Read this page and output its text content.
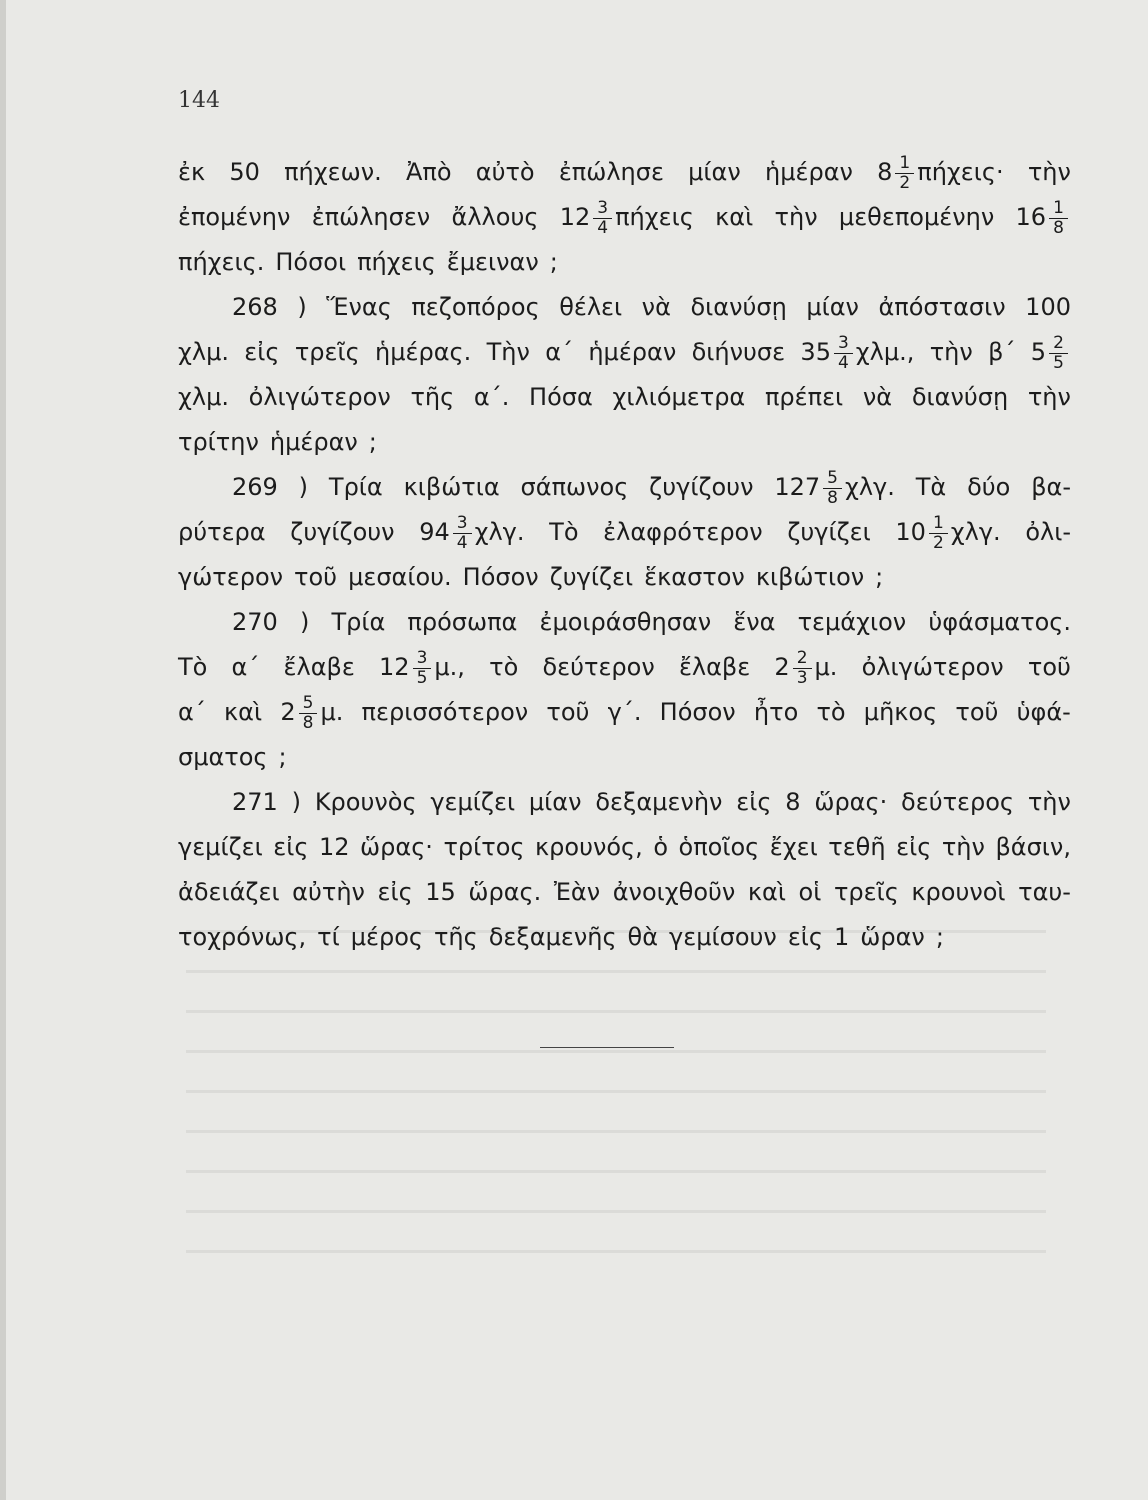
144
ἐκ 50 πήχεων. Ἀπὸ αὐτὸ ἐπώλησε μίαν ἡμέραν $8 \frac{1}{2} \pi ή\chi\varepsilon\iota\varsigma\cdot$ τὴν
ἐπομένην ἐπώλησεν ἄλλους $12 \frac{3}{4}$ πήχεις καὶ τὴν μεθεπομένην $16 \frac{1}{8}$
πήχεις. Πόσοι πήχεις ἔμειναν ;
268 ) Ἕνας πεζοπόρος θέλει νὰ διανύσῃ μίαν ἀπόστασιν 100
χλμ. εἰς τρεῖς ἡμέρας. Τὴν α΄ ἡμέραν διήνυσε $35 \frac{3}{4} \chi\lambda\mu$., τὴν β΄ $5 \frac{2}{5}$
χλμ. ὀλιγώτερον τῆς α΄. Πόσα χιλιόμετρα πρέπει νὰ διανύσῃ τὴν
τρίτην ἡμέραν ;
269 ) Τρία κιβώτια σάπωνος ζυγίζουν $127 \frac{5}{8} \chi\lambda\gamma$. Τὰ δύο βα-
ρύτερα ζυγίζουν $94 \frac{3}{4} \chi\lambda\gamma$. Τὸ ἐλαφρότερον ζυγίζει $10 \frac{1}{2} \chi\lambda\gamma$. ὀλι-
γώτερον τοῦ μεσαίου. Πόσον ζυγίζει ἕκαστον κιβώτιον ;
270 ) Τρία πρόσωπα ἐμοιράσθησαν ἕνα τεμάχιον ὑφάσματος.
Τὸ α΄ ἔλαβε $12 \frac{3}{5} \mu$., τὸ δεύτερον ἔλαβε $2 \frac{2}{3} \mu$. ὀλιγώτερον τοῦ
α΄ καὶ $2 \frac{5}{8} \mu$. περισσότερον τοῦ γ΄. Πόσον ἦτο τὸ μῆκος τοῦ ὑφά-
σματος ;
271 ) Κρουνὸς γεμίζει μίαν δεξαμενὴν εἰς 8 ὥρας· δεύτερος τὴν
γεμίζει εἰς 12 ὥρας· τρίτος κρουνός, ὁ ὁποῖος ἔχει τεθῆ εἰς τὴν βάσιν,
ἀδειάζει αὐτὴν εἰς 15 ὥρας. Ἐὰν ἀνοιχθοῦν καὶ οἱ τρεῖς κρουνοὶ ταυ-
τοχρόνως, τί μέρος τῆς δεξαμενῆς θὰ γεμίσουν εἰς 1 ὥραν ;
